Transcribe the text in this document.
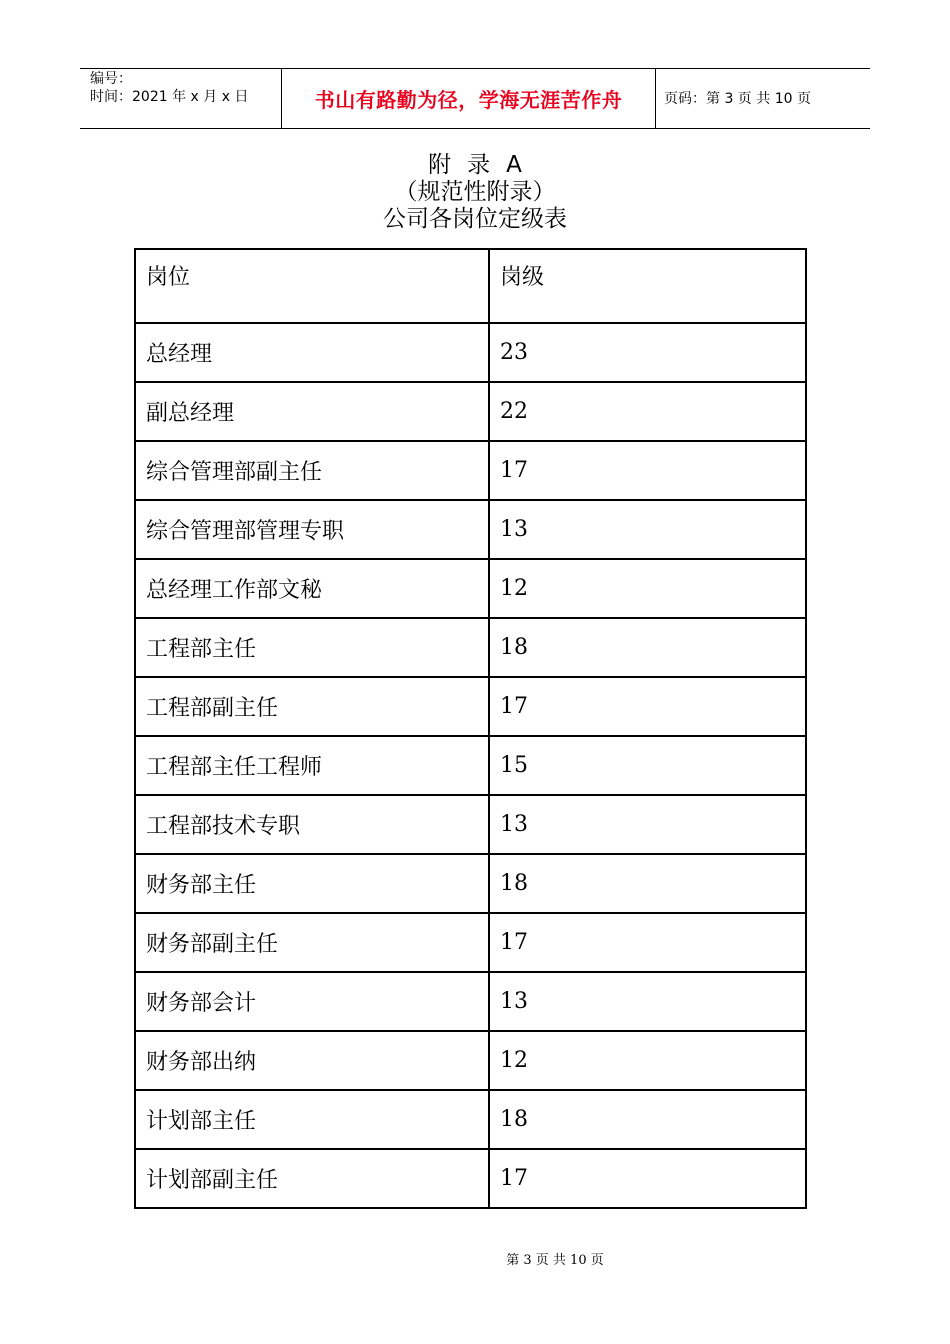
编号：
时间：2021 年 x 月 x 日	书山有路勤为径，学海无涯苦作舟	页码：第 3 页 共 10 页
附 录 A
（规范性附录）
公司各岗位定级表
岗位	岗级
总经理	23
副总经理	22
综合管理部副主任	17
综合管理部管理专职	13
总经理工作部文秘	12
工程部主任	18
工程部副主任	17
工程部主任工程师	15
工程部技术专职	13
财务部主任	18
财务部副主任	17
财务部会计	13
财务部出纳	12
计划部主任	18
计划部副主任	17
第 3 页 共 10 页
